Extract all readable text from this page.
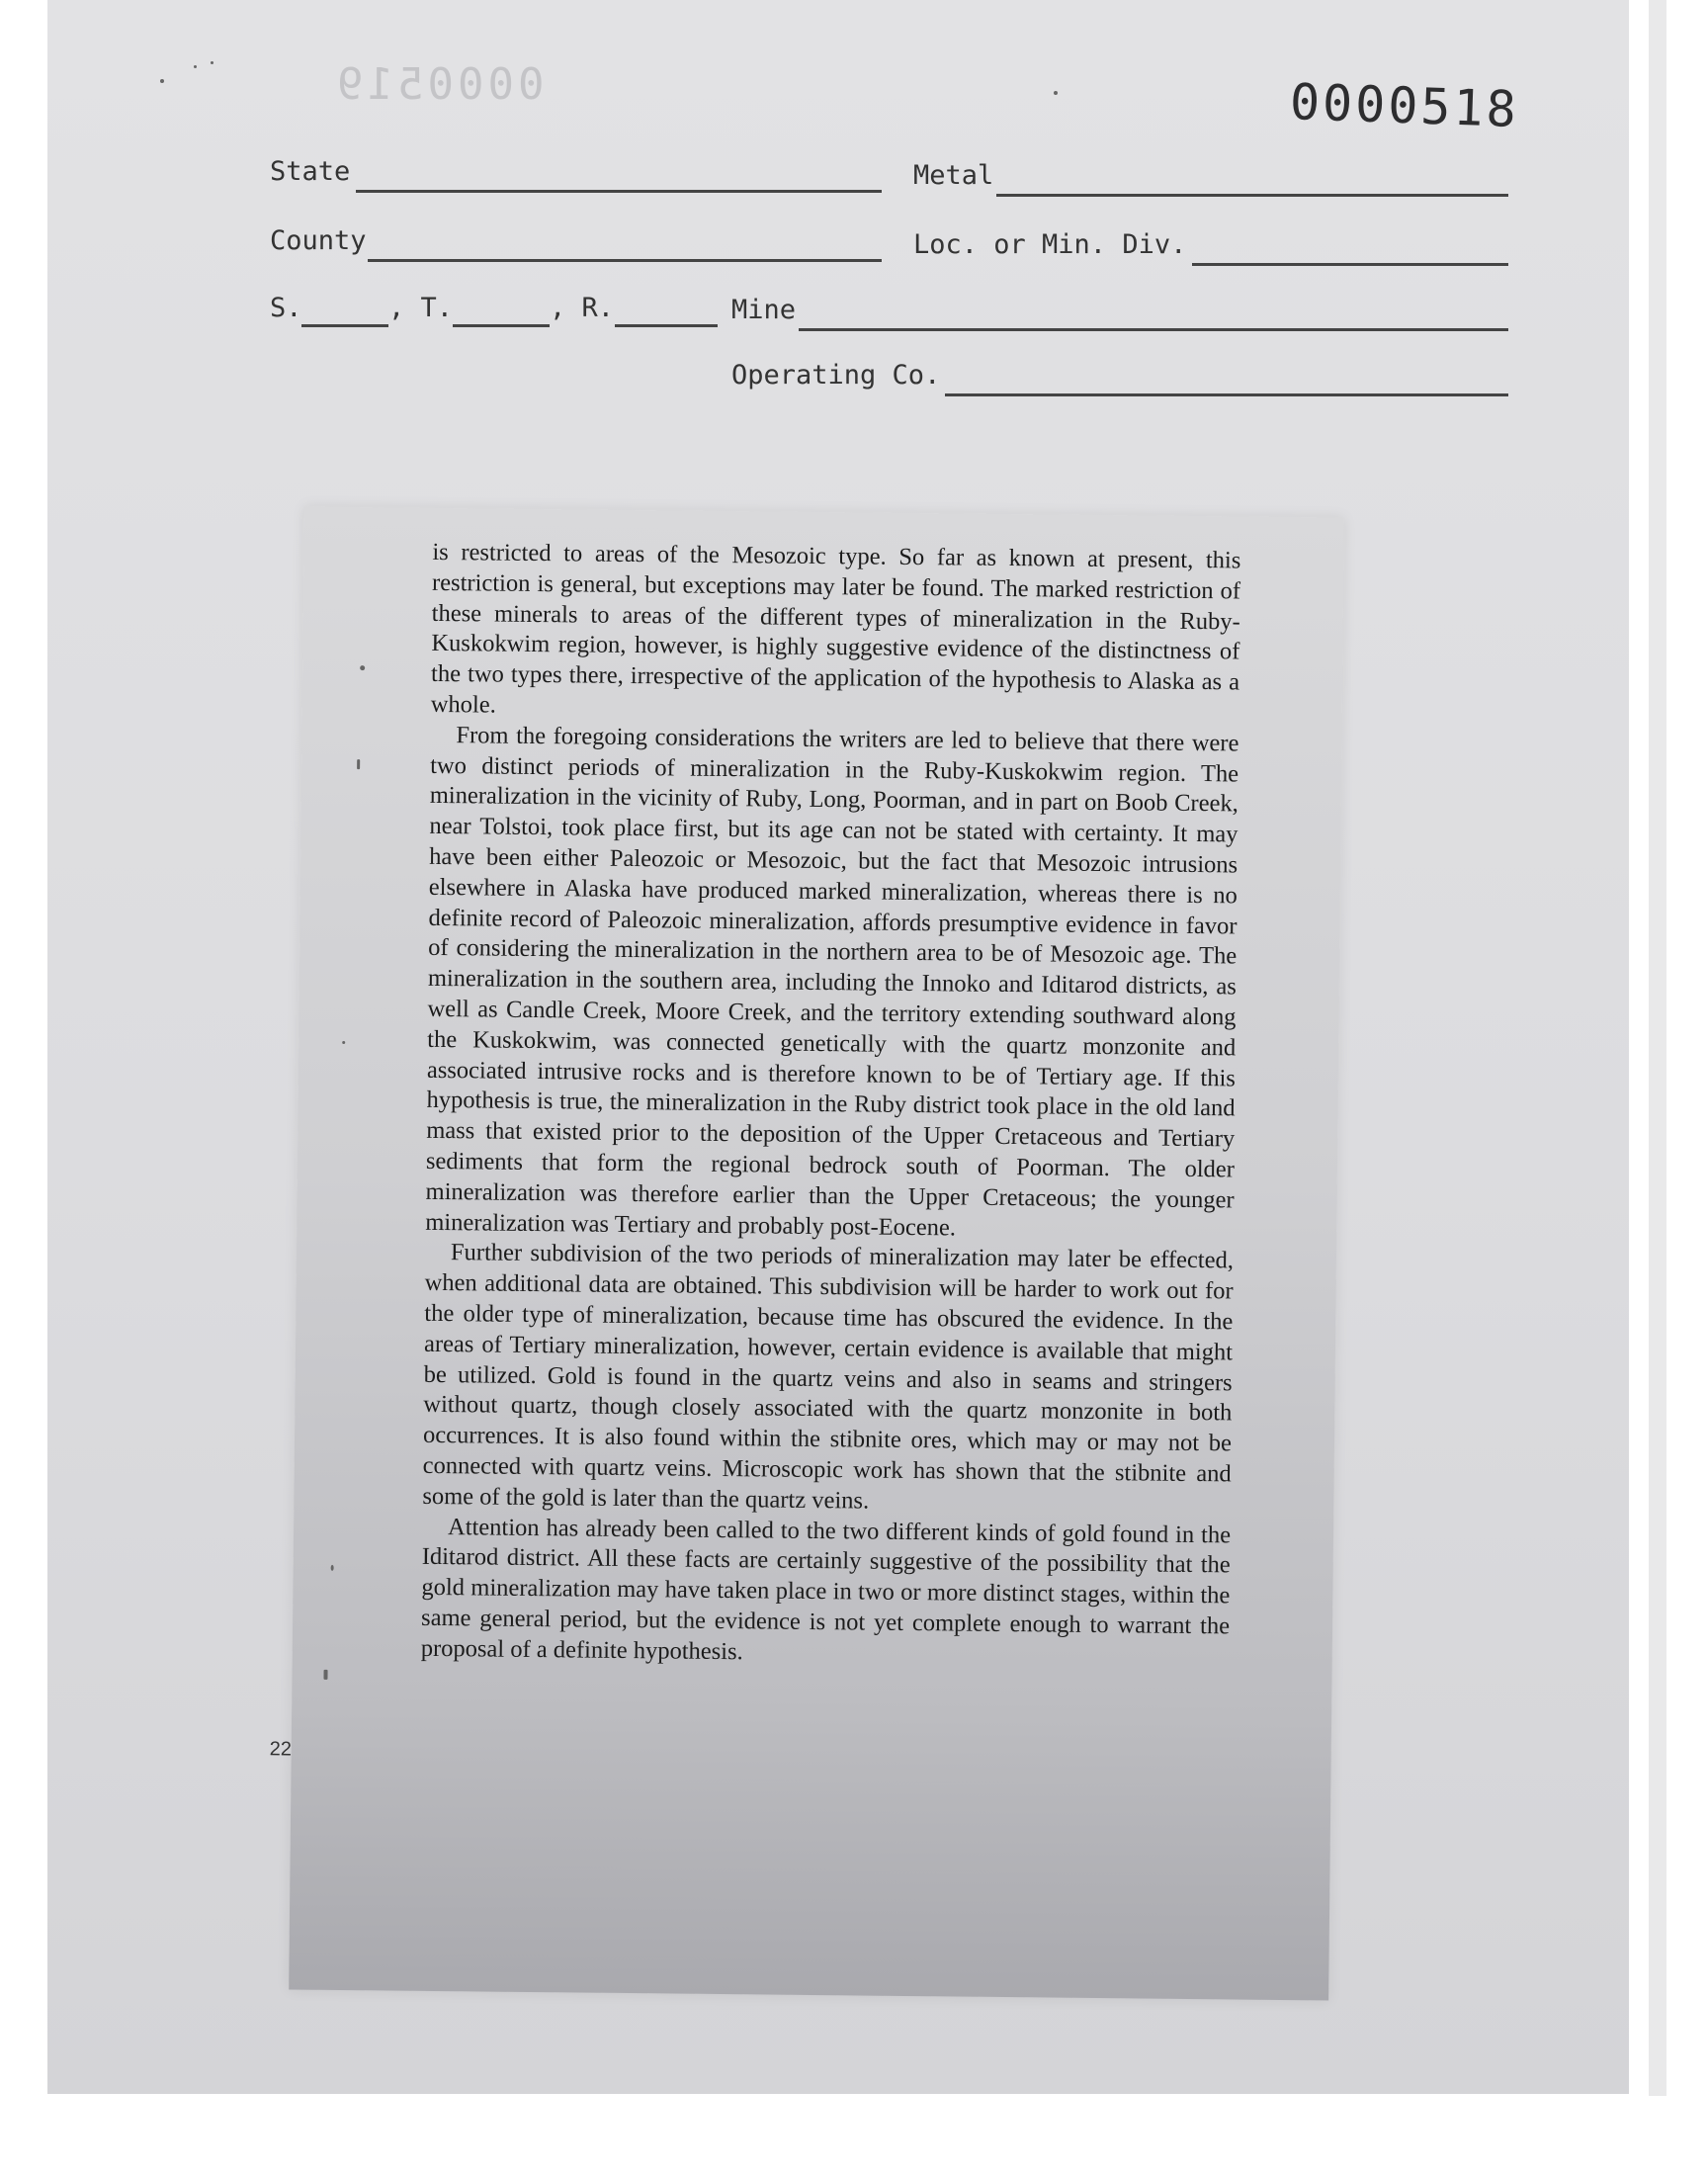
0000519	0000518
State	Metal
County	Loc. or Min. Div.
S.	, T.	, R.	Mine
Operating Co.

is restricted to areas of the Mesozoic type. So far as known at present, this restriction is general, but exceptions may later be found. The marked restriction of these minerals to areas of the different types of mineralization in the Ruby-Kuskokwim region, however, is highly suggestive evidence of the distinctness of the two types there, irrespective of the application of the hypothesis to Alaska as a whole.

From the foregoing considerations the writers are led to believe that there were two distinct periods of mineralization in the Ruby-Kuskokwim region. The mineralization in the vicinity of Ruby, Long, Poorman, and in part on Boob Creek, near Tolstoi, took place first, but its age can not be stated with certainty. It may have been either Paleozoic or Mesozoic, but the fact that Mesozoic intrusions elsewhere in Alaska have produced marked mineralization, whereas there is no definite record of Paleozoic mineralization, affords presumptive evidence in favor of considering the mineralization in the northern area to be of Mesozoic age. The mineralization in the southern area, including the Innoko and Iditarod districts, as well as Candle Creek, Moore Creek, and the territory extending southward along the Kuskokwim, was connected genetically with the quartz monzonite and associated intrusive rocks and is therefore known to be of Tertiary age. If this hypothesis is true, the mineralization in the Ruby district took place in the old land mass that existed prior to the deposition of the Upper Cretaceous and Tertiary sediments that form the regional bedrock south of Poorman. The older mineralization was therefore earlier than the Upper Cretaceous; the younger mineralization was Tertiary and probably post-Eocene.

Further subdivision of the two periods of mineralization may later be effected, when additional data are obtained. This subdivision will be harder to work out for the older type of mineralization, because time has obscured the evidence. In the areas of Tertiary mineralization, however, certain evidence is available that might be utilized. Gold is found in the quartz veins and also in seams and stringers without quartz, though closely associated with the quartz monzonite in both occurrences. It is also found within the stibnite ores, which may or may not be connected with quartz veins. Microscopic work has shown that the stibnite and some of the gold is later than the quartz veins.

Attention has already been called to the two different kinds of gold found in the Iditarod district. All these facts are certainly suggestive of the possibility that the gold mineralization may have taken place in two or more distinct stages, within the same general period, but the evidence is not yet complete enough to warrant the proposal of a definite hypothesis.

22
